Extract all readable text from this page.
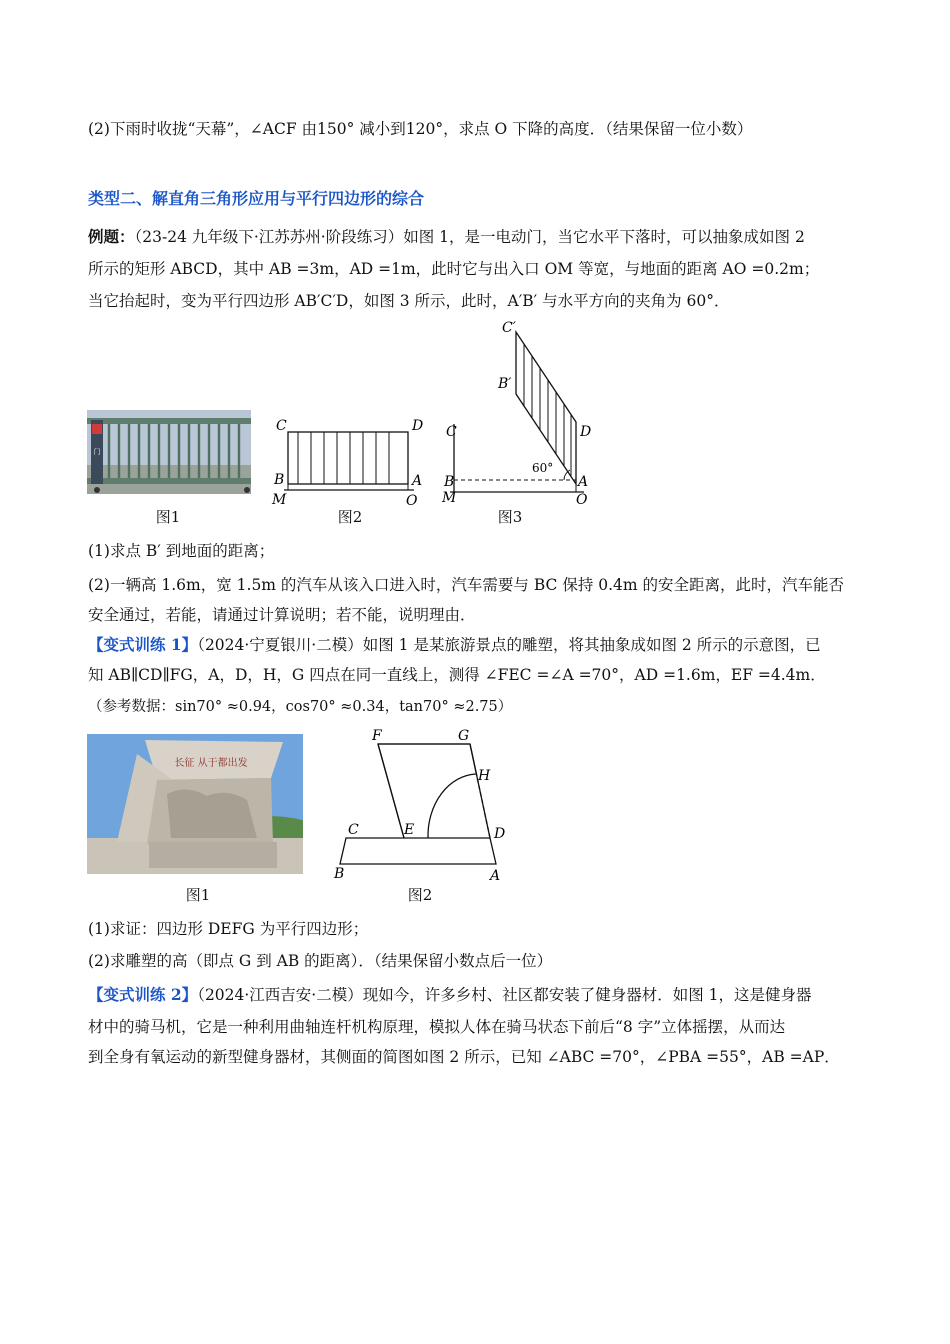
(2)下雨时收拢“天幕”，∠ACF 由150° 减小到120°，求点 O 下降的高度．（结果保留一位小数）
类型二、解直角三角形应用与平行四边形的综合
例题：（23-24 九年级下·江苏苏州·阶段练习）如图 1，是一电动门，当它水平下落时，可以抽象成如图 2
所示的矩形 ABCD，其中 AB =3m，AD =1m，此时它与出入口 OM 等宽，与地面的距离 AO =0.2m；
当它抬起时，变为平行四边形 AB′C′D，如图 3 所示，此时，A′B′ 与水平方向的夹角为 60°．
门
图1
C	D
B	A
M	O
图2
60°
C′
B′
C	D
B	A
M	O
图3
(1)求点 B′ 到地面的距离；
(2)一辆高 1.6m，宽 1.5m 的汽车从该入口进入时，汽车需要与 BC 保持 0.4m 的安全距离，此时，汽车能否
安全通过，若能，请通过计算说明；若不能，说明理由．
【变式训练 1】（2024·宁夏银川·二模）如图 1 是某旅游景点的雕塑，将其抽象成如图 2 所示的示意图，已
知 AB∥CD∥FG，A，D，H，G 四点在同一直线上，测得 ∠FEC =∠A =70°，AD =1.6m，EF =4.4m．
（参考数据：sin70° ≈0.94，cos70° ≈0.34，tan70° ≈2.75）
长征 从于都出发
图1
F	G
H
C	E	D
B	A
图2
(1)求证：四边形 DEFG 为平行四边形；
(2)求雕塑的高（即点 G 到 AB 的距离）．（结果保留小数点后一位）
【变式训练 2】（2024·江西吉安·二模）现如今，许多乡村、社区都安装了健身器材．如图 1，这是健身器
材中的骑马机，它是一种利用曲轴连杆机构原理，模拟人体在骑马状态下前后“8 字”立体摇摆，从而达
到全身有氧运动的新型健身器材，其侧面的简图如图 2 所示，已知 ∠ABC =70°，∠PBA =55°，AB =AP．
